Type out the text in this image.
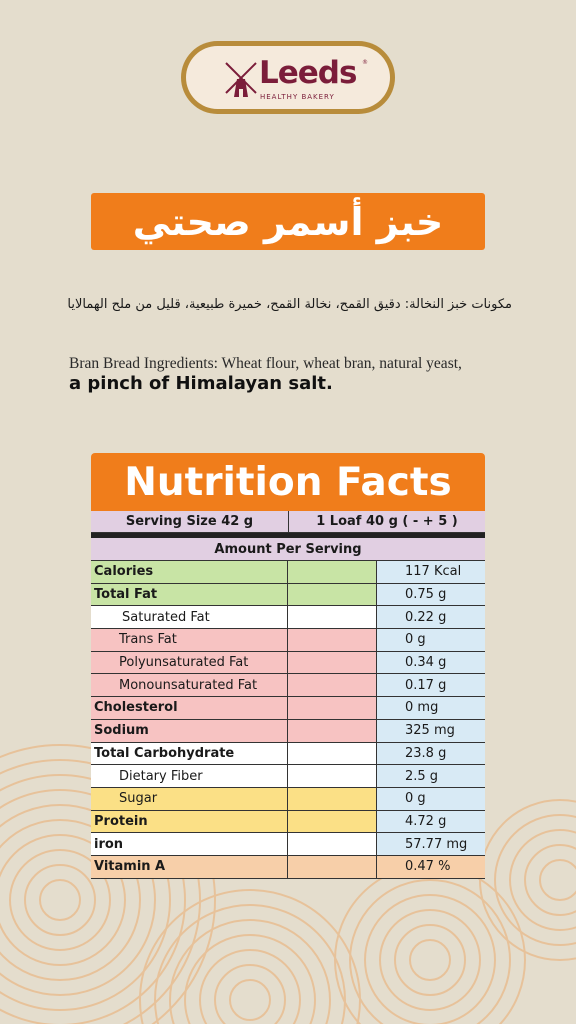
Leeds ®
HEALTHY BAKERY
خبز أسمر صحتي
مكونات خبز النخالة: دقيق القمح، نخالة القمح، خميرة طبيعية، قليل من ملح الهمالايا
Bran Bread Ingredients: Wheat flour, wheat bran, natural yeast,
a pinch of Himalayan salt.
Nutrition Facts
Serving Size 42 g	1 Loaf 40 g ( - + 5 )
Amount Per Serving
Calories	117 Kcal
Total Fat	0.75 g
Saturated Fat	0.22 g
Trans Fat	0 g
Polyunsaturated Fat	0.34 g
Monounsaturated Fat	0.17 g
Cholesterol	0 mg
Sodium	325 mg
Total Carbohydrate	23.8 g
Dietary Fiber	2.5 g
Sugar	0 g
Protein	4.72 g
iron	57.77 mg
Vitamin A	0.47 %
